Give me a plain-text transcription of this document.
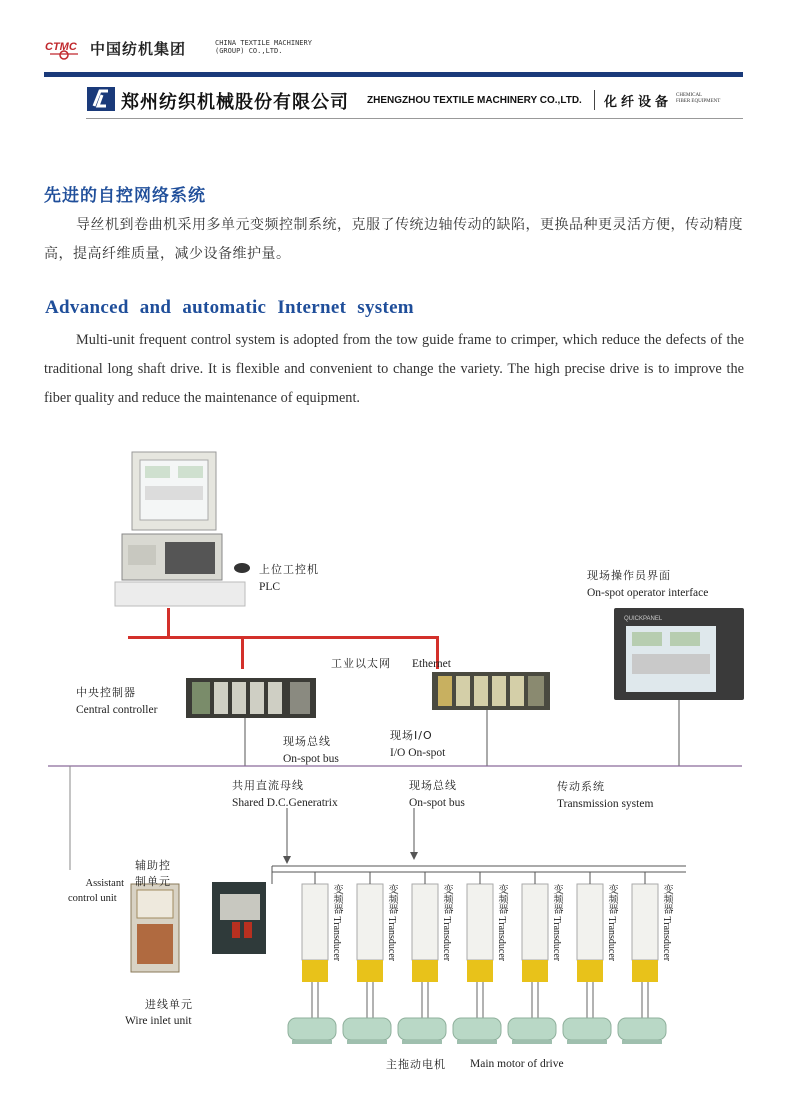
CTMC 中国纺机集团	CHINA TEXTILE MACHINERY
(GROUP) CO.,LTD.
郑州纺织机械股份有限公司 ZHENGZHOU TEXTILE MACHINERY CO.,LTD. 化纤设备 CHEMICAL
FIBER EQUIPMENT
先进的自控网络系统
导丝机到卷曲机采用多单元变频控制系统，克服了传统边轴传动的缺陷，更换品种更灵活方便，传动精度高，提高纤维质量，减少设备维护量。
Advanced and automatic Internet system
Multi-unit frequent control system is adopted from the tow guide frame to crimper, which reduce the defects of the traditional long shaft drive. It is flexible and convenient to change the variety. The high precise drive is to improve the fiber quality and reduce the maintenance of equipment.
QUICKPANEL
上位工控机
PLC
现场操作员界面
On-spot operator interface
工业以太网 Ethernet
中央控制器
Central controller
现场总线
On-spot bus
现场I/O
I/O On-spot
共用直流母线
Shared D.C.Generatrix
现场总线
On-spot bus
传动系统
Transmission system
辅助控制单元
Assistant
control unit
进线单元
Wire inlet unit
主拖动电机 Main motor of drive
变频器 Transducer	变频器 Transducer	变频器 Transducer	变频器 Transducer	变频器 Transducer	变频器 Transducer	变频器 Transducer
